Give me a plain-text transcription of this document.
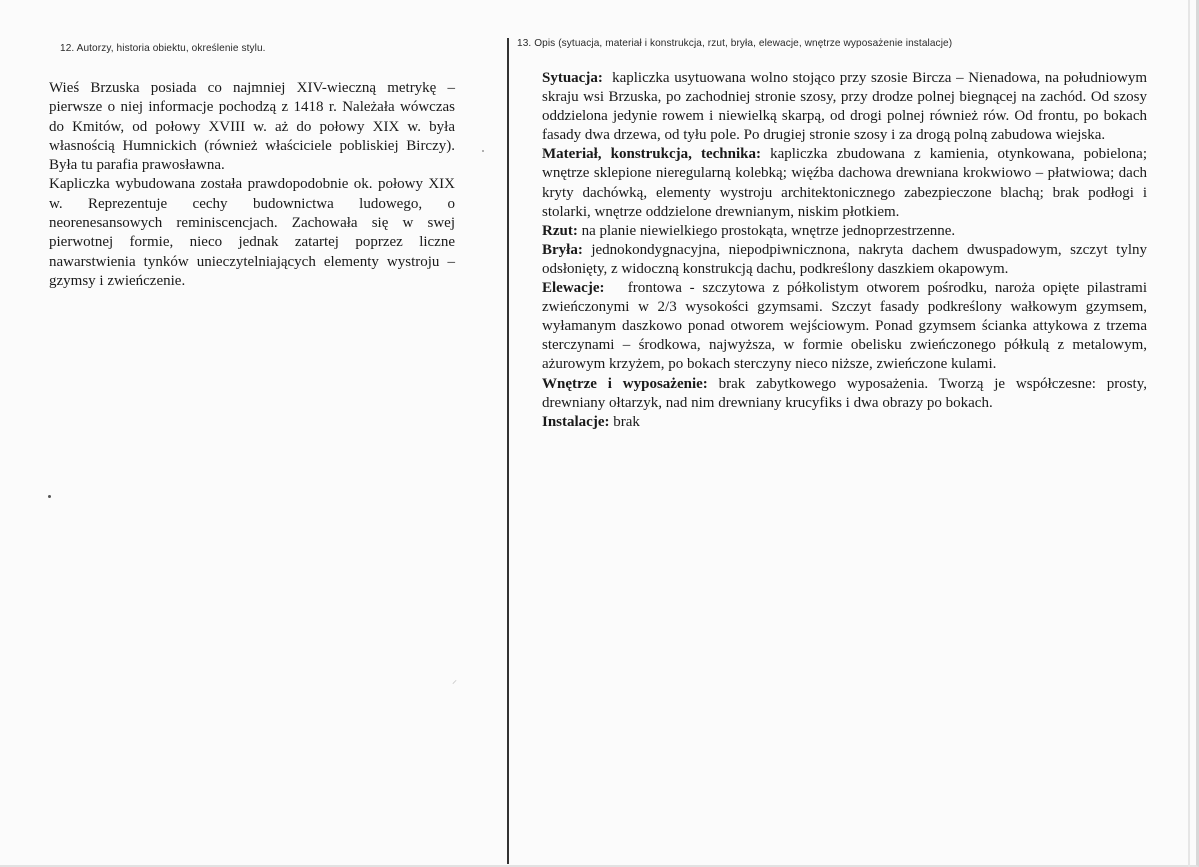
12. Autorzy, historia obiektu, określenie stylu.	13. Opis (sytuacja, materiał i konstrukcja, rzut, bryła, elewacje, wnętrze wyposażenie instalacje)

Wieś Brzuska posiada co najmniej XIV-wieczną metrykę – pierwsze o niej informacje pochodzą z 1418 r. Należała wówczas do Kmitów, od połowy XVIII w. aż do połowy XIX w. była własnością Humnickich (również właściciele pobliskiej Birczy). Była tu parafia prawosławna.

Kapliczka wybudowana została prawdopodobnie ok. połowy XIX w. Reprezentuje cechy budownictwa ludowego, o neorenesansowych reminiscencjach. Zachowała się w swej pierwotnej formie, nieco jednak zatartej poprzez liczne nawarstwienia tynków unieczytelniających elementy wystroju – gzymsy i zwieńczenie.

Sytuacja: kapliczka usytuowana wolno stojąco przy szosie Bircza – Nienadowa, na południowym skraju wsi Brzuska, po zachodniej stronie szosy, przy drodze polnej biegnącej na zachód. Od szosy oddzielona jedynie rowem i niewielką skarpą, od drogi polnej również rów. Od frontu, po bokach fasady dwa drzewa, od tyłu pole. Po drugiej stronie szosy i za drogą polną zabudowa wiejska.

Materiał, konstrukcja, technika: kapliczka zbudowana z kamienia, otynkowana, pobielona; wnętrze sklepione nieregularną kolebką; więźba dachowa drewniana krokwiowo – płatwiowa; dach kryty dachówką, elementy wystroju architektonicznego zabezpieczone blachą; brak podłogi i stolarki, wnętrze oddzielone drewnianym, niskim płotkiem.

Rzut: na planie niewielkiego prostokąta, wnętrze jednoprzestrzenne.

Bryła: jednokondygnacyjna, niepodpiwnicznona, nakryta dachem dwuspadowym, szczyt tylny odsłonięty, z widoczną konstrukcją dachu, podkreślony daszkiem okapowym.

Elewacje: frontowa - szczytowa z półkolistym otworem pośrodku, naroża opięte pilastrami zwieńczonymi w 2/3 wysokości gzymsami. Szczyt fasady podkreślony wałkowym gzymsem, wyłamanym daszkowo ponad otworem wejściowym. Ponad gzymsem ścianka attykowa z trzema sterczynami – środkowa, najwyższa, w formie obelisku zwieńczonego półkulą z metalowym, ażurowym krzyżem, po bokach sterczyny nieco niższe, zwieńczone kulami.

Wnętrze i wyposażenie: brak zabytkowego wyposażenia. Tworzą je współczesne: prosty, drewniany ołtarzyk, nad nim drewniany krucyfiks i dwa obrazy po bokach.

Instalacje: brak

⸝
